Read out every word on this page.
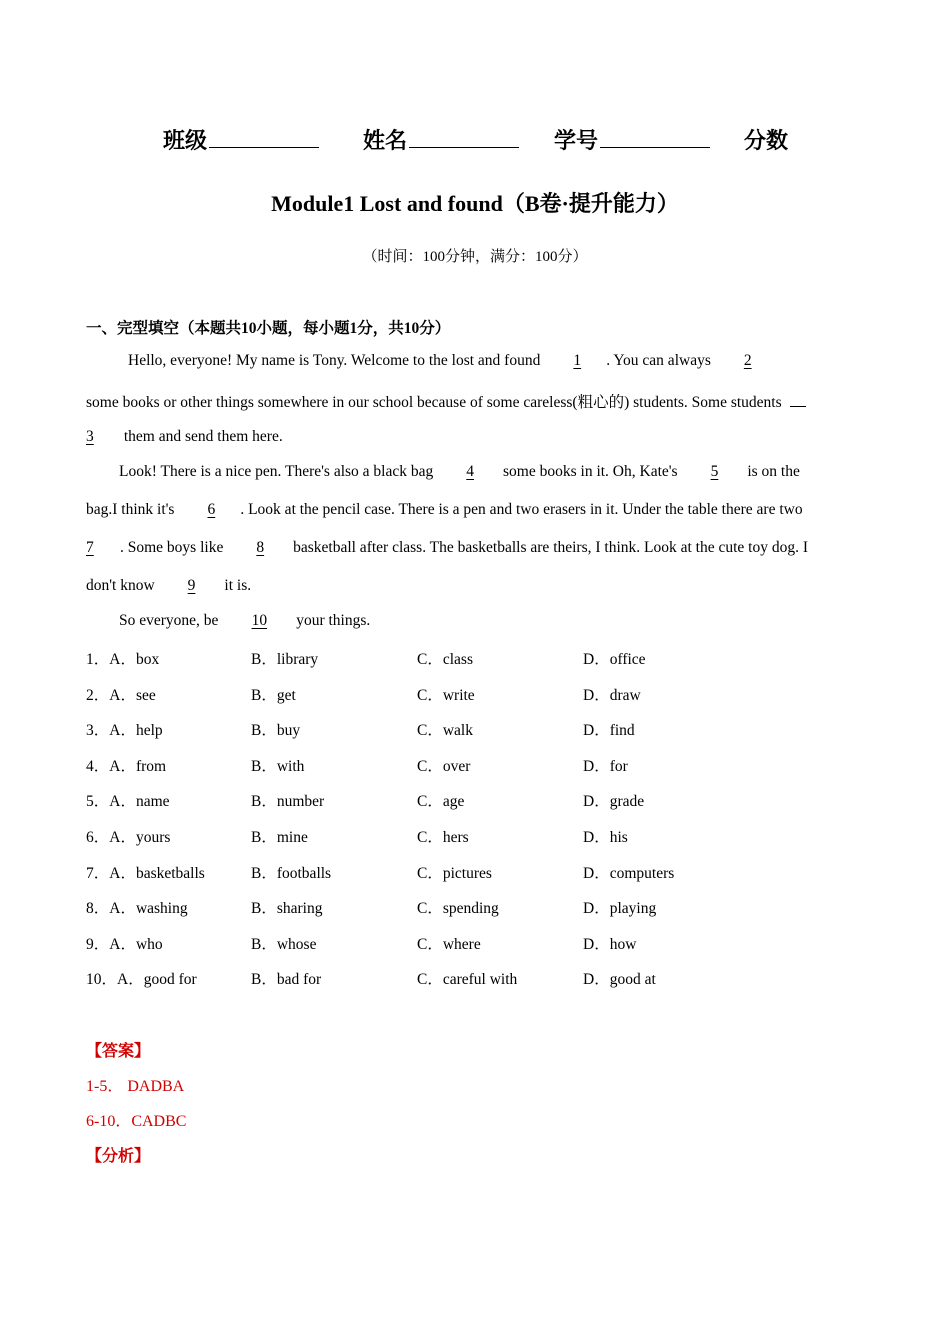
班级	姓名	学号	分数
Module1 Lost and found（B卷·提升能力）
（时间：100分钟，满分：100分）
一、完型填空（本题共10小题，每小题1分，共10分）
Hello, everyone! My name is Tony. Welcome to the lost and found 1 . You can always 2
some books or other things somewhere in our school because of some careless(粗心的) students. Some students
3 them and send them here.
Look! There is a nice pen. There's also a black bag 4 some books in it. Oh, Kate's 5 is on the
bag.I think it's 6 . Look at the pencil case. There is a pen and two erasers in it. Under the table there are two
7 . Some boys like 8 basketball after class. The basketballs are theirs, I think. Look at the cute toy dog. I
don't know 9 it is.
So everyone, be 10 your things.
1．A．box	B．library	C．class	D．office
2．A．see	B．get	C．write	D．draw
3．A．help	B．buy	C．walk	D．find
4．A．from	B．with	C．over	D．for
5．A．name	B．number	C．age	D．grade
6．A．yours	B．mine	C．hers	D．his
7．A．basketballs	B．footballs	C．pictures	D．computers
8．A．washing	B．sharing	C．spending	D．playing
9．A．who	B．whose	C．where	D．how
10．A．good for	B．bad for	C．careful with	D．good at
【答案】
1-5． DADBA
6-10．CADBC
【分析】
